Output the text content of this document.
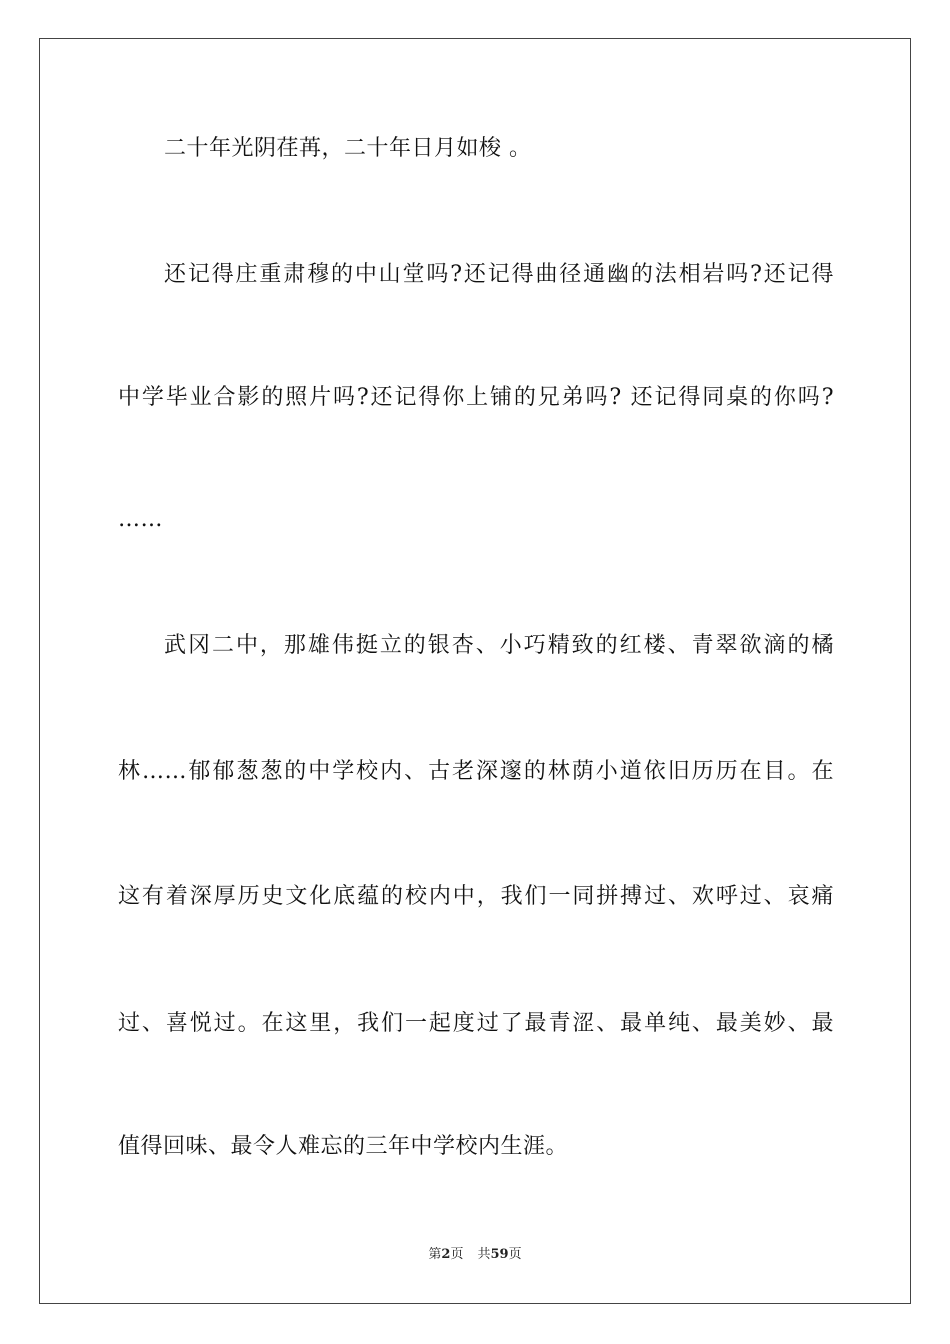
二十年光阴荏苒，二十年日月如梭 。
还记得庄重肃穆的中山堂吗?还记得曲径通幽的法相岩吗?还记得
中学毕业合影的照片吗?还记得你上铺的兄弟吗? 还记得同桌的你吗?
……
武冈二中，那雄伟挺立的银杏、小巧精致的红楼、青翠欲滴的橘
林……郁郁葱葱的中学校内、古老深邃的林荫小道依旧历历在目。在
这有着深厚历史文化底蕴的校内中，我们一同拼搏过、欢呼过、哀痛
过、喜悦过。在这里，我们一起度过了最青涩、最单纯、最美妙、最
值得回味、最令人难忘的三年中学校内生涯。
第2页 共59页
